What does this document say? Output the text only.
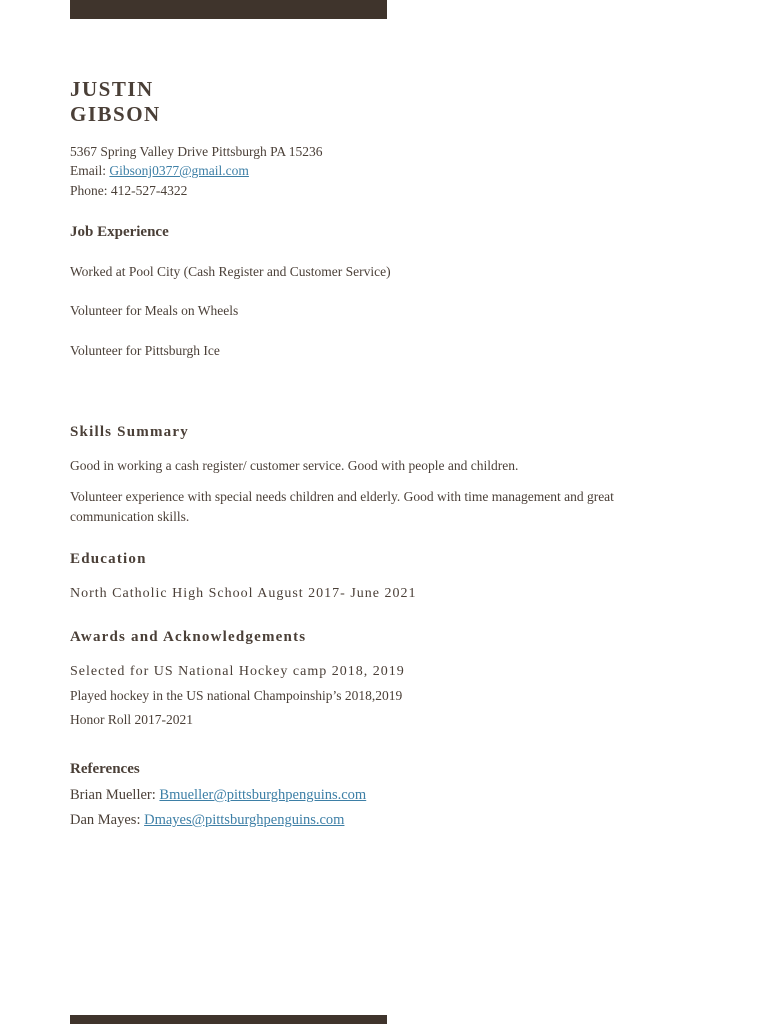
JUSTIN
GIBSON
5367 Spring Valley Drive Pittsburgh PA 15236
Email: Gibsonj0377@gmail.com
Phone: 412-527-4322
Job Experience
Worked at Pool City (Cash Register and Customer Service)
Volunteer for Meals on Wheels
Volunteer for Pittsburgh Ice
Skills Summary
Good in working a cash register/ customer service. Good with people and children.
Volunteer experience with special needs children and elderly. Good with time management and great communication skills.
Education
North Catholic High School August 2017- June 2021
Awards and Acknowledgements
Selected for US National Hockey camp 2018, 2019
Played hockey in the US national Champoinship’s 2018,2019
Honor Roll 2017-2021
References
Brian Mueller: Bmueller@pittsburghpenguins.com
Dan Mayes: Dmayes@pittsburghpenguins.com
